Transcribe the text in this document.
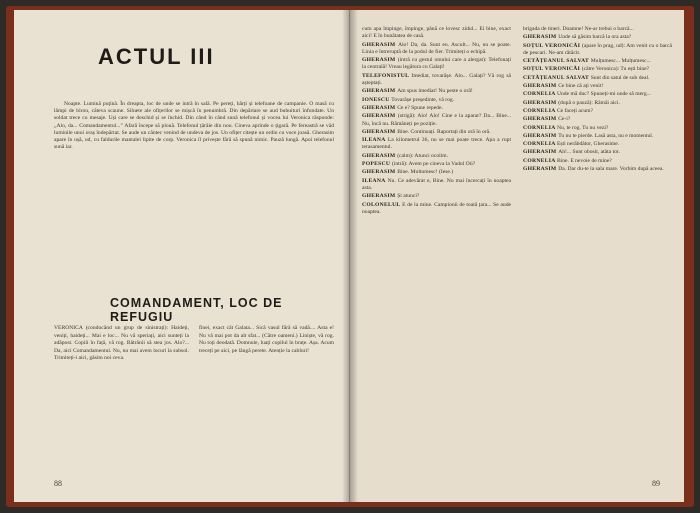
ACTUL III
Noapte. Lumină puțină. În dreapta, loc de unde se intră în sală. Pe pereți, hărți și telefoane de campanie. O masă cu lămpi de birou, câteva scaune. Siluete ale ofițerilor se mișcă în penumbră. Din depărtare se aud bubuituri înfundate. Un soldat trece cu mesaje. Uși care se deschid și se închid. Din când în când sună telefonul și vocea lui Veronica răspunde: „Alo, da... Comandamentul...” Afară începe să plouă. Telefonul țârâie din nou. Cineva aprinde o țigară. Pe fereastră se văd luminile unui oraș îndepărtat. Se aude un cântec venind de undeva de jos. Un ofițer citește un ordin cu voce joasă. Gherasim apare în ușă, ud, cu faldurile mantalei lipite de corp. Veronica îl privește fără să spună nimic. Pauză lungă. Apoi telefonul sună iar.
COMANDAMENT, LOC DE REFUGIU
VERONICA (conducând un grup de sinistrați): Haideți, veniți, haideți... Mai e loc... Nu vă speriați, aici sunteți la adăpost. Copiii în față, vă rog. Bătrânii să stea jos. Alo?... Da, aici Comandamentul. Nu, nu mai avem locuri la subsol. Trimiteți-i aici, găsim noi ceva.
finei, exact cât Galata... Sică vasul fără să vadă.... Asta e! Nu vă mai pot da alt sfat... (Către oameni.) Liniște, vă rog. Nu toți deodată. Domnule, luați copilul în brațe. Așa. Acum treceți pe aici, pe lângă perete. Atenție la cabluri!
88

cum apa împinge, împinge, până ce lovesc zidul... Ei bine, exact aici! E în bunătatea de casă.

GHERASIM Alo! Da, da. Sunt eu. Ascult... Nu, nu se poate. Linia e întreruptă de la podul de fier. Trimiteți o echipă.

GHERASIM (intră cu gestul omului care a alergat): Telefonați la centrală! Vreau legătura cu Galați!

TELEFONISTUL Imediat, tovarășe. Alo... Galați? Vă rog să așteptați.

GHERASIM Am spus imediat! Nu peste o oră!

IONESCU Tovarășe președinte, vă rog.

GHERASIM Ce e? Spune repede.

GHERASIM (strigă): Alo! Alo! Cine e la aparat? Da... Bine... Nu, încă nu. Rămâneți pe poziție.

GHERASIM Bine. Continuați. Raportați din oră în oră.

ILEANA La kilometrul 36, nu se mai poate trece. Apa a rupt terasamentul.

GHERASIM (calm): Atunci ocolim.

POPESCU (intră): Avem pe cineva la Vadul Oii?

GHERASIM Bine. Multumesc! (Iese.)

ILEANA Nu. Ce adevărat e, Bine. Nu mai încercați în noaptea asta.

GHERASIM Și atunci?

COLONELUL E de la mine. Campionii de toată țara... Se aude noaptea.

brigada de tineri. Doamne! Ne-ar trebui o barcă...

GHERASIM Unde să găsim barcă la ora asta?

SOȚUL VERONICĂI (apare în prag, ud): Am venit cu o barcă de pescari. Ne-am rătăcit.

CETĂȚEANUL SALVAT Mulțumesc... Mulțumesc...

SOȚUL VERONICĂI (către Veronica): Tu ești bine?

CETĂȚEANUL SALVAT Sunt din satul de sub deal.

GHERASIM Ce bine că ați venit!

CORNELIA Unde mă duc? Spuneți-mi unde să merg...

GHERASIM (după o pauză): Rămâi aici.

CORNELIA Ce faceți acum?

GHERASIM Ce-i?

CORNELIA Nu, te rog. Tu nu vezi?

GHERASIM Tu nu te pierde. Lasă asta, nu e momentul.

CORNELIA Ești nerăbdător, Gherasime.

GHERASIM Ah!... Sunt obosit, atâta tot.

CORNELIA Bine. E nevoie de mine?

GHERASIM Da. Dar du-te la sala mare. Vorbim după aceea.

89
